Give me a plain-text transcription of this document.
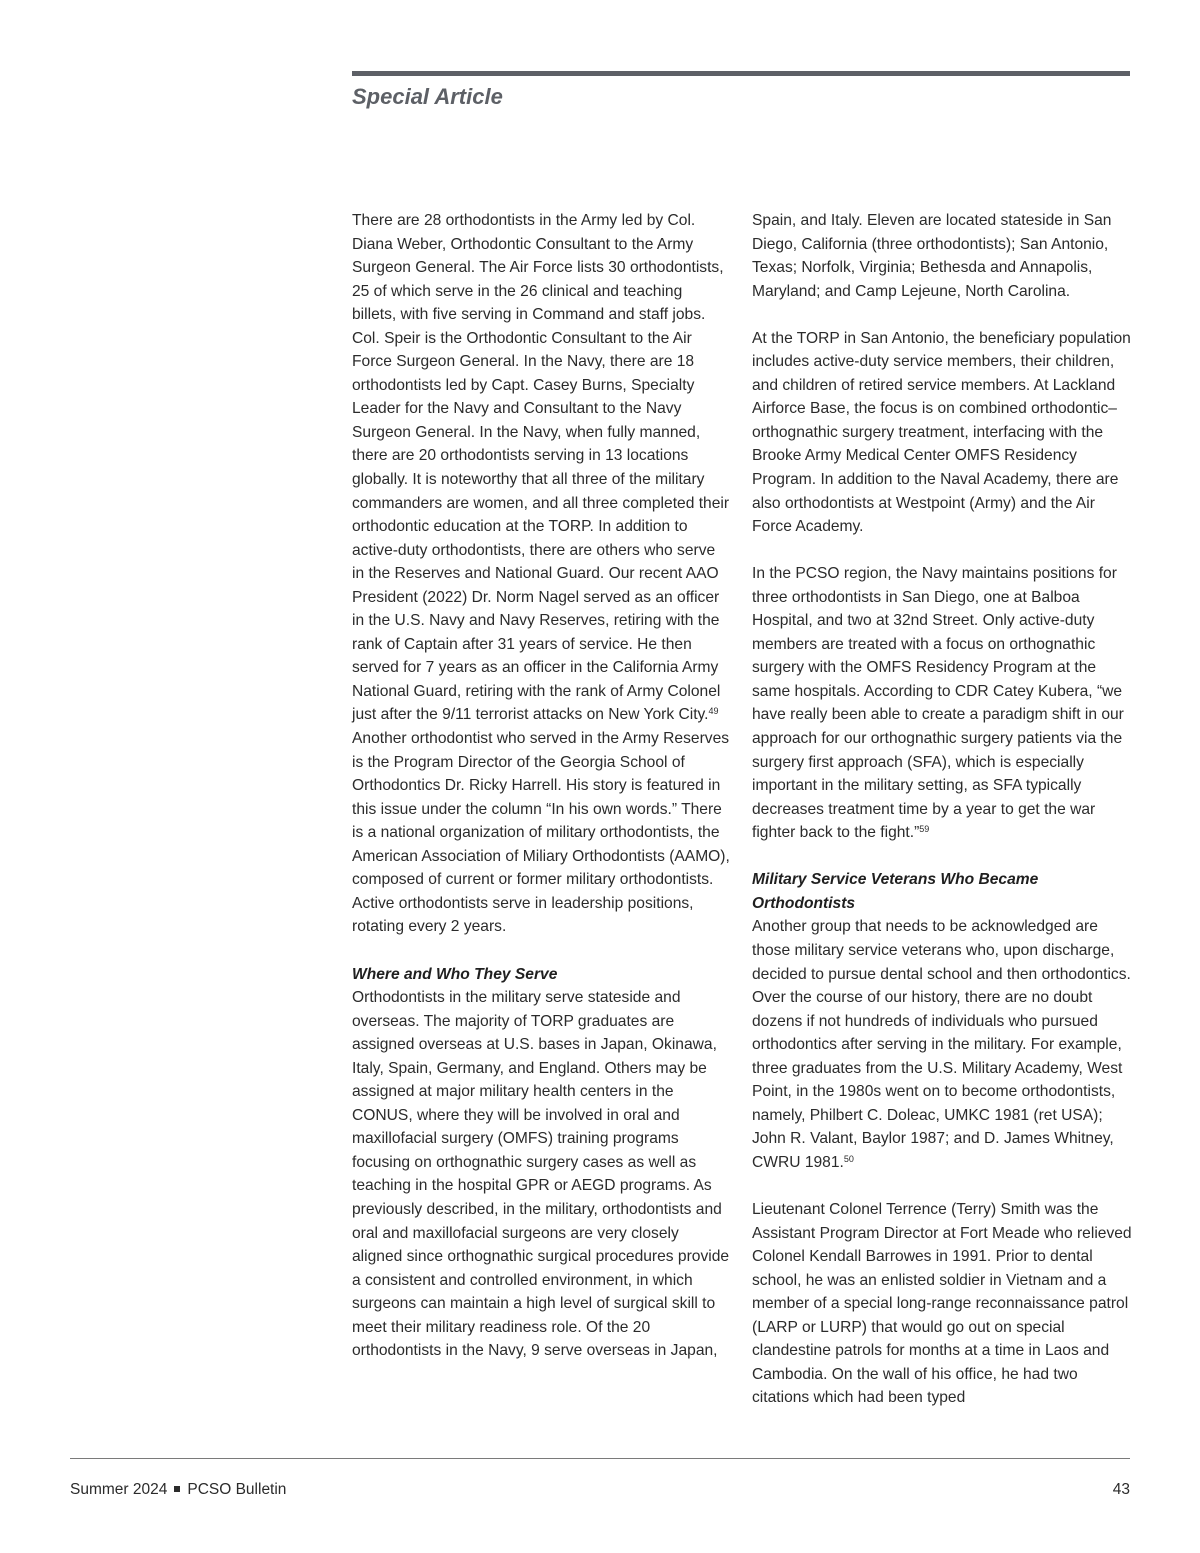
Special Article

There are 28 orthodontists in the Army led by Col. Diana Weber, Orthodontic Consultant to the Army Surgeon General. The Air Force lists 30 orthodontists, 25 of which serve in the 26 clinical and teaching billets, with five serving in Command and staff jobs. Col. Speir is the Orthodontic Consultant to the Air Force Surgeon General. In the Navy, there are 18 orthodontists led by Capt. Casey Burns, Specialty Leader for the Navy and Consultant to the Navy Surgeon General. In the Navy, when fully manned, there are 20 orthodontists serving in 13 locations globally. It is noteworthy that all three of the military commanders are women, and all three completed their orthodontic education at the TORP. In addition to active-duty orthodontists, there are others who serve in the Reserves and National Guard. Our recent AAO President (2022) Dr. Norm Nagel served as an officer in the U.S. Navy and Navy Reserves, retiring with the rank of Captain after 31 years of service. He then served for 7 years as an officer in the California Army National Guard, retiring with the rank of Army Colonel just after the 9/11 terrorist attacks on New York City.$^{49}$ Another orthodontist who served in the Army Reserves is the Program Director of the Georgia School of Orthodontics Dr. Ricky Harrell. His story is featured in this issue under the column “In his own words.” There is a national organization of military orthodontists, the American Association of Miliary Orthodontists (AAMO), composed of current or former military orthodontists. Active orthodontists serve in leadership positions, rotating every 2 years.

Where and Who They Serve

Orthodontists in the military serve stateside and overseas. The majority of TORP graduates are assigned overseas at U.S. bases in Japan, Okinawa, Italy, Spain, Germany, and England. Others may be assigned at major military health centers in the CONUS, where they will be involved in oral and maxillofacial surgery (OMFS) training programs focusing on orthognathic surgery cases as well as teaching in the hospital GPR or AEGD programs. As previously described, in the military, orthodontists and oral and maxillofacial surgeons are very closely aligned since orthognathic surgical procedures provide a consistent and controlled environment, in which surgeons can maintain a high level of surgical skill to meet their military readiness role. Of the 20 orthodontists in the Navy, 9 serve overseas in Japan,

Spain, and Italy. Eleven are located stateside in San Diego, California (three orthodontists); San Antonio, Texas; Norfolk, Virginia; Bethesda and Annapolis, Maryland; and Camp Lejeune, North Carolina.

At the TORP in San Antonio, the beneficiary population includes active-duty service members, their children, and children of retired service members. At Lackland Airforce Base, the focus is on combined orthodontic–orthognathic surgery treatment, interfacing with the Brooke Army Medical Center OMFS Residency Program. In addition to the Naval Academy, there are also orthodontists at Westpoint (Army) and the Air Force Academy.

In the PCSO region, the Navy maintains positions for three orthodontists in San Diego, one at Balboa Hospital, and two at 32nd Street. Only active-duty members are treated with a focus on orthognathic surgery with the OMFS Residency Program at the same hospitals. According to CDR Catey Kubera, “we have really been able to create a paradigm shift in our approach for our orthognathic surgery patients via the surgery first approach (SFA), which is especially important in the military setting, as SFA typically decreases treatment time by a year to get the war fighter back to the fight.”$^{59}$

Military Service Veterans Who Became Orthodontists

Another group that needs to be acknowledged are those military service veterans who, upon discharge, decided to pursue dental school and then orthodontics. Over the course of our history, there are no doubt dozens if not hundreds of individuals who pursued orthodontics after serving in the military. For example, three graduates from the U.S. Military Academy, West Point, in the 1980s went on to become orthodontists, namely, Philbert C. Doleac, UMKC 1981 (ret USA); John R. Valant, Baylor 1987; and D. James Whitney, CWRU 1981.50

Lieutenant Colonel Terrence (Terry) Smith was the Assistant Program Director at Fort Meade who relieved Colonel Kendall Barrowes in 1991. Prior to dental school, he was an enlisted soldier in Vietnam and a member of a special long-range reconnaissance patrol (LARP or LURP) that would go out on special clandestine patrols for months at a time in Laos and Cambodia. On the wall of his office, he had two citations which had been typed

Summer 2024 PCSO Bulletin	43
